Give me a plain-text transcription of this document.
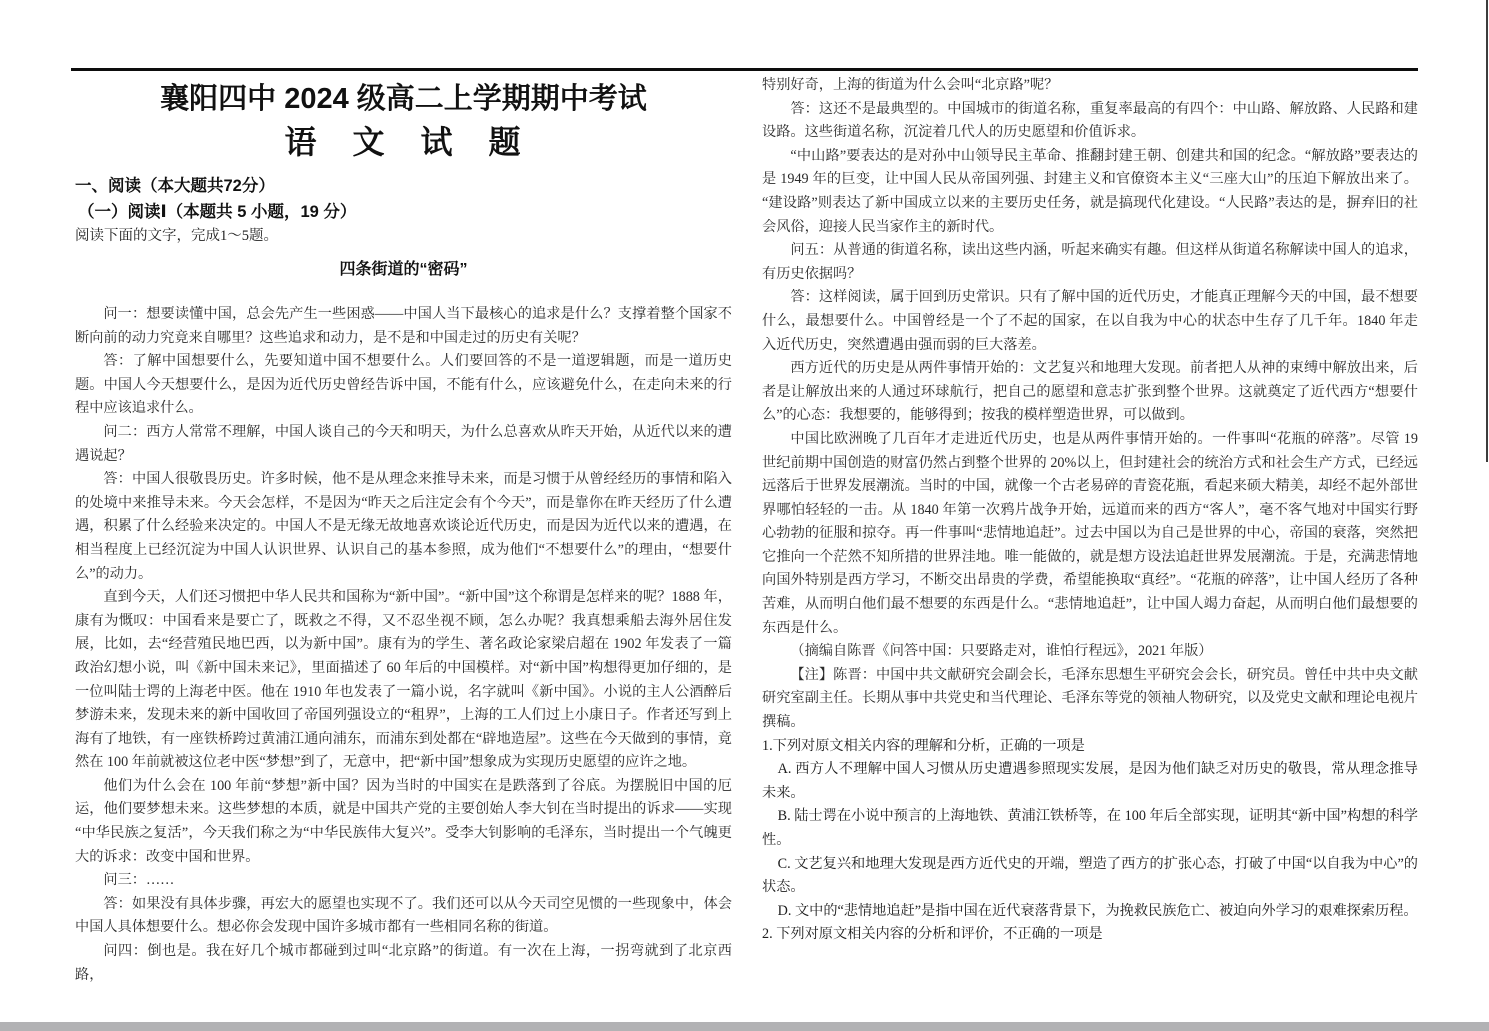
襄阳四中 2024 级高二上学期期中考试
语　文　试　题

一、阅读（本大题共72分）

（一）阅读Ⅰ（本题共 5 小题，19 分）

阅读下面的文字，完成1～5题。

四条街道的“密码”

问一：想要读懂中国，总会先产生一些困惑——中国人当下最核心的追求是什么？支撑着整个国家不断向前的动力究竟来自哪里？这些追求和动力，是不是和中国走过的历史有关呢？

答：了解中国想要什么，先要知道中国不想要什么。人们要回答的不是一道逻辑题，而是一道历史题。中国人今天想要什么，是因为近代历史曾经告诉中国，不能有什么，应该避免什么，在走向未来的行程中应该追求什么。

问二：西方人常常不理解，中国人谈自己的今天和明天，为什么总喜欢从昨天开始，从近代以来的遭遇说起？

答：中国人很敬畏历史。许多时候，他不是从理念来推导未来，而是习惯于从曾经经历的事情和陷入的处境中来推导未来。今天会怎样，不是因为“昨天之后注定会有个今天”，而是靠你在昨天经历了什么遭遇，积累了什么经验来决定的。中国人不是无缘无故地喜欢谈论近代历史，而是因为近代以来的遭遇，在相当程度上已经沉淀为中国人认识世界、认识自己的基本参照，成为他们“不想要什么”的理由，“想要什么”的动力。

直到今天，人们还习惯把中华人民共和国称为“新中国”。“新中国”这个称谓是怎样来的呢？1888 年，康有为慨叹：中国看来是要亡了，既救之不得，又不忍坐视不顾，怎么办呢？我真想乘船去海外居住发展，比如，去“经营殖民地巴西，以为新中国”。康有为的学生、著名政论家梁启超在 1902 年发表了一篇政治幻想小说，叫《新中国未来记》，里面描述了 60 年后的中国模样。对“新中国”构想得更加仔细的，是一位叫陆士谔的上海老中医。他在 1910 年也发表了一篇小说，名字就叫《新中国》。小说的主人公酒醉后梦游未来，发现未来的新中国收回了帝国列强设立的“租界”，上海的工人们过上小康日子。作者还写到上海有了地铁，有一座铁桥跨过黄浦江通向浦东，而浦东到处都在“辟地造屋”。这些在今天做到的事情，竟然在 100 年前就被这位老中医“梦想”到了，无意中，把“新中国”想象成为实现历史愿望的应许之地。

他们为什么会在 100 年前“梦想”新中国？因为当时的中国实在是跌落到了谷底。为摆脱旧中国的厄运，他们要梦想未来。这些梦想的本质，就是中国共产党的主要创始人李大钊在当时提出的诉求——实现“中华民族之复活”，今天我们称之为“中华民族伟大复兴”。受李大钊影响的毛泽东，当时提出一个气魄更大的诉求：改变中国和世界。

问三：……

答：如果没有具体步骤，再宏大的愿望也实现不了。我们还可以从今天司空见惯的一些现象中，体会中国人具体想要什么。想必你会发现中国许多城市都有一些相同名称的街道。

问四：倒也是。我在好几个城市都碰到过叫“北京路”的街道。有一次在上海，一拐弯就到了北京西路，

特别好奇，上海的街道为什么会叫“北京路”呢？

答：这还不是最典型的。中国城市的街道名称，重复率最高的有四个：中山路、解放路、人民路和建设路。这些街道名称，沉淀着几代人的历史愿望和价值诉求。

“中山路”要表达的是对孙中山领导民主革命、推翻封建王朝、创建共和国的纪念。“解放路”要表达的是 1949 年的巨变，让中国人民从帝国列强、封建主义和官僚资本主义“三座大山”的压迫下解放出来了。“建设路”则表达了新中国成立以来的主要历史任务，就是搞现代化建设。“人民路”表达的是，摒弃旧的社会风俗，迎接人民当家作主的新时代。

问五：从普通的街道名称，读出这些内涵，听起来确实有趣。但这样从街道名称解读中国人的追求，有历史依据吗？

答：这样阅读，属于回到历史常识。只有了解中国的近代历史，才能真正理解今天的中国，最不想要什么，最想要什么。中国曾经是一个了不起的国家，在以自我为中心的状态中生存了几千年。1840 年走入近代历史，突然遭遇由强而弱的巨大落差。

西方近代的历史是从两件事情开始的：文艺复兴和地理大发现。前者把人从神的束缚中解放出来，后者是让解放出来的人通过环球航行，把自己的愿望和意志扩张到整个世界。这就奠定了近代西方“想要什么”的心态：我想要的，能够得到；按我的模样塑造世界，可以做到。

中国比欧洲晚了几百年才走进近代历史，也是从两件事情开始的。一件事叫“花瓶的碎落”。尽管 19 世纪前期中国创造的财富仍然占到整个世界的 20%以上，但封建社会的统治方式和社会生产方式，已经远远落后于世界发展潮流。当时的中国，就像一个古老易碎的青瓷花瓶，看起来硕大精美，却经不起外部世界哪怕轻轻的一击。从 1840 年第一次鸦片战争开始，远道而来的西方“客人”，毫不客气地对中国实行野心勃勃的征服和掠夺。再一件事叫“悲情地追赶”。过去中国以为自己是世界的中心，帝国的衰落，突然把它推向一个茫然不知所措的世界洼地。唯一能做的，就是想方设法追赶世界发展潮流。于是，充满悲情地向国外特别是西方学习，不断交出昂贵的学费，希望能换取“真经”。“花瓶的碎落”，让中国人经历了各种苦难，从而明白他们最不想要的东西是什么。“悲情地追赶”，让中国人竭力奋起，从而明白他们最想要的东西是什么。

（摘编自陈晋《问答中国：只要路走对，谁怕行程远》，2021 年版）

【注】陈晋：中国中共文献研究会副会长，毛泽东思想生平研究会会长，研究员。曾任中共中央文献研究室副主任。长期从事中共党史和当代理论、毛泽东等党的领袖人物研究，以及党史文献和理论电视片撰稿。

1.下列对原文相关内容的理解和分析，正确的一项是

A. 西方人不理解中国人习惯从历史遭遇参照现实发展，是因为他们缺乏对历史的敬畏，常从理念推导未来。

B. 陆士谔在小说中预言的上海地铁、黄浦江铁桥等，在 100 年后全部实现，证明其“新中国”构想的科学性。

C. 文艺复兴和地理大发现是西方近代史的开端，塑造了西方的扩张心态，打破了中国“以自我为中心”的状态。

D. 文中的“悲情地追赶”是指中国在近代衰落背景下，为挽救民族危亡、被迫向外学习的艰难探索历程。

2. 下列对原文相关内容的分析和评价，不正确的一项是
